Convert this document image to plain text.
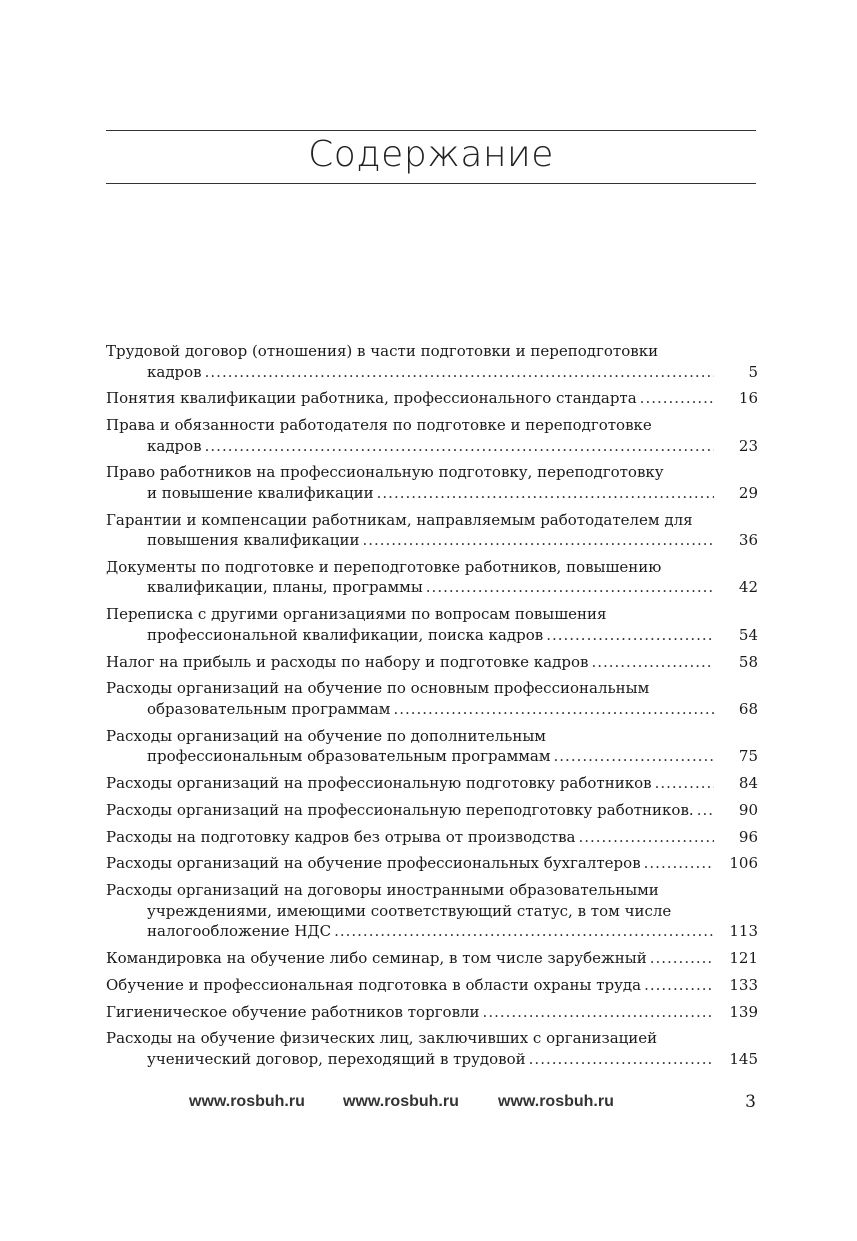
Содержание
Трудовой договор (отношения) в части подготовки и переподготовки
кадров .....	5
Понятия квалификации работника, профессионального стандарта .....	16
Права и обязанности работодателя по подготовке и переподготовке
кадров .....	23
Право работников на профессиональную подготовку, переподготовку
и повышение квалификации .....	29
Гарантии и компенсации работникам, направляемым работодателем для
повышения квалификации .....	36
Документы по подготовке и переподготовке работников, повышению
квалификации, планы, программы .....	42
Переписка с другими организациями по вопросам повышения
профессиональной квалификации, поиска кадров .....	54
Налог на прибыль и расходы по набору и подготовке кадров .....	58
Расходы организаций на обучение по основным профессиональным
образовательным программам .....	68
Расходы организаций на обучение по дополнительным
профессиональным образовательным программам .....	75
Расходы организаций на профессиональную подготовку работников .....	84
Расходы организаций на профессиональную переподготовку работников. .....	90
Расходы на подготовку кадров без отрыва от производства .....	96
Расходы организаций на обучение профессиональных бухгалтеров .....	106
Расходы организаций на договоры иностранными образовательными
учреждениями, имеющими соответствующий статус, в том числе
налогообложение НДС .....	113
Командировка на обучение либо семинар, в том числе зарубежный .....	121
Обучение и профессиональная подготовка в области охраны труда .....	133
Гигиеническое обучение работников торговли .....	139
Расходы на обучение физических лиц, заключивших с организацией
ученический договор, переходящий в трудовой .....	145
www.rosbuh.ru www.rosbuh.ru www.rosbuh.ru	3
